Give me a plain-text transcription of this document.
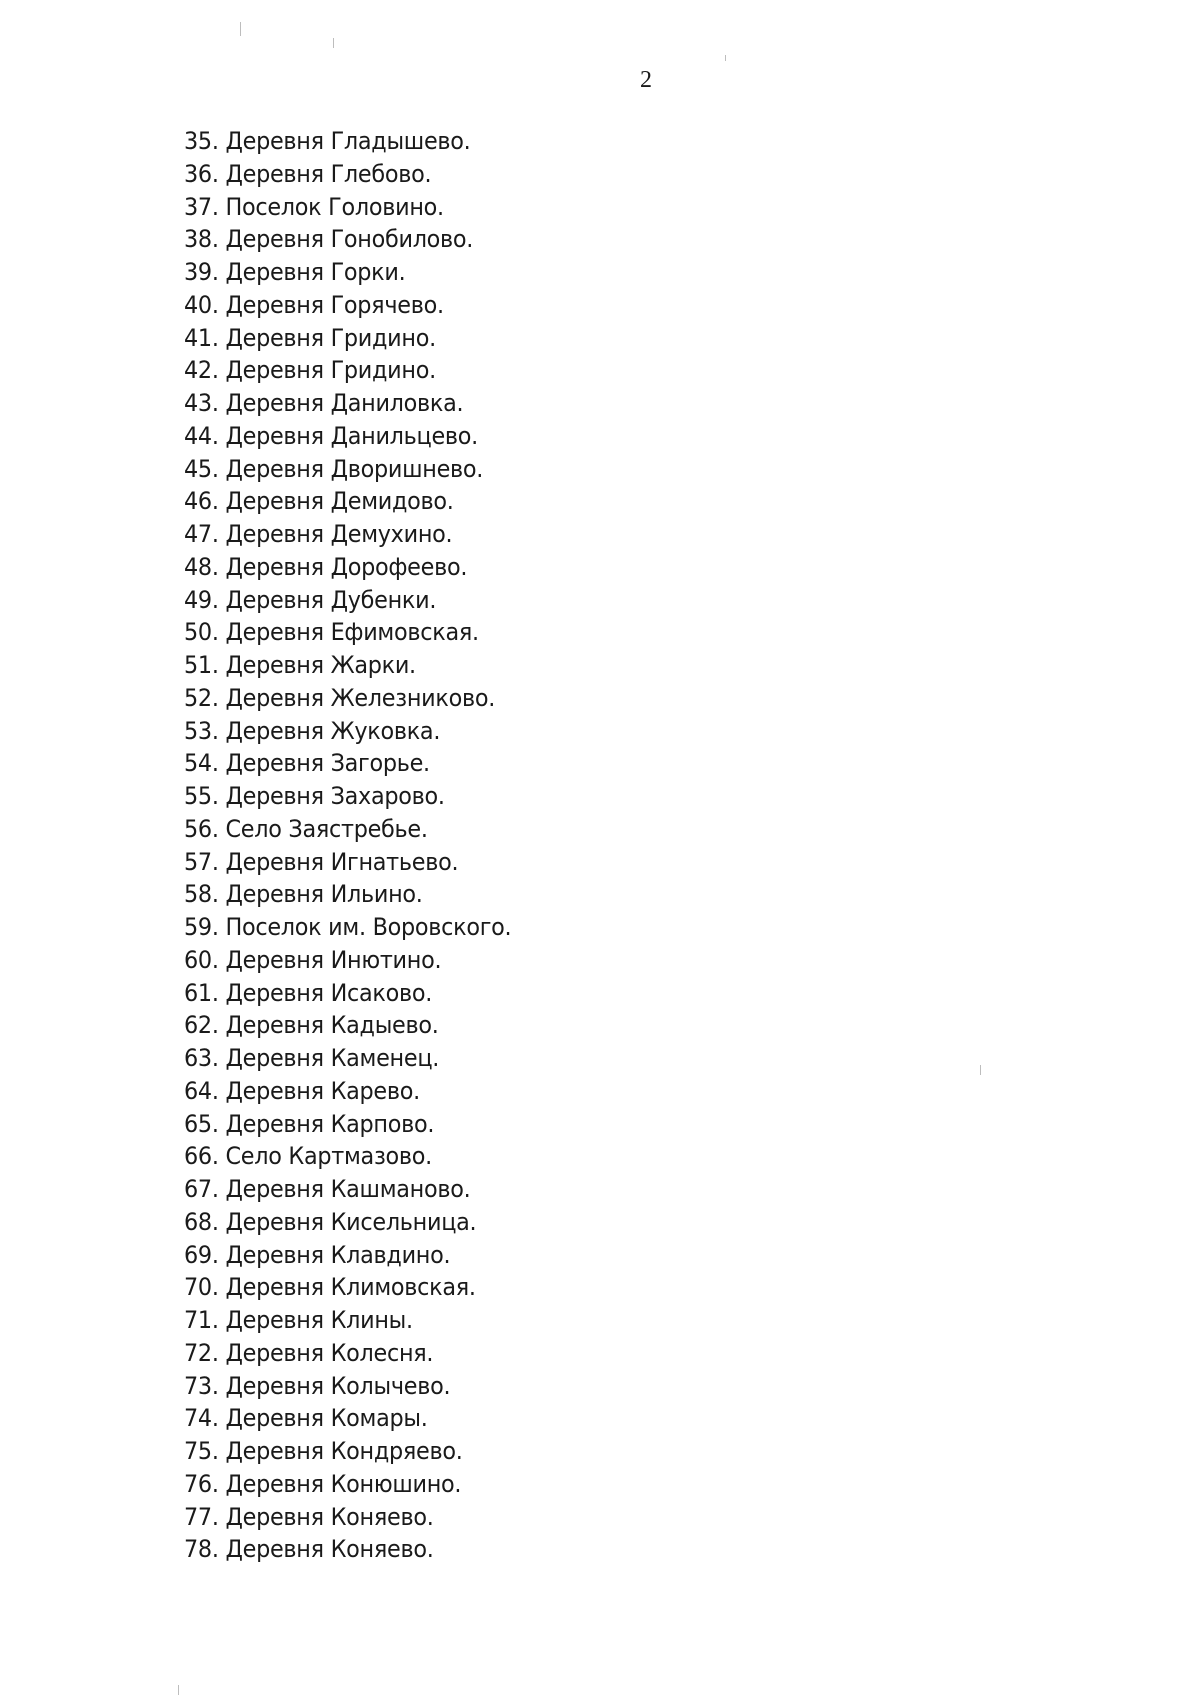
2
35. Деревня Гладышево.
36. Деревня Глебово.
37. Поселок Головино.
38. Деревня Гонобилово.
39. Деревня Горки.
40. Деревня Горячево.
41. Деревня Гридино.
42. Деревня Гридино.
43. Деревня Даниловка.
44. Деревня Данильцево.
45. Деревня Дворишнево.
46. Деревня Демидово.
47. Деревня Демухино.
48. Деревня Дорофеево.
49. Деревня Дубенки.
50. Деревня Ефимовская.
51. Деревня Жарки.
52. Деревня Железниково.
53. Деревня Жуковка.
54. Деревня Загорье.
55. Деревня Захарово.
56. Село Заястребье.
57. Деревня Игнатьево.
58. Деревня Ильино.
59. Поселок им. Воровского.
60. Деревня Инютино.
61. Деревня Исаково.
62. Деревня Кадыево.
63. Деревня Каменец.
64. Деревня Карево.
65. Деревня Карпово.
66. Село Картмазово.
67. Деревня Кашманово.
68. Деревня Кисельница.
69. Деревня Клавдино.
70. Деревня Климовская.
71. Деревня Клины.
72. Деревня Колесня.
73. Деревня Колычево.
74. Деревня Комары.
75. Деревня Кондряево.
76. Деревня Конюшино.
77. Деревня Коняево.
78. Деревня Коняево.
